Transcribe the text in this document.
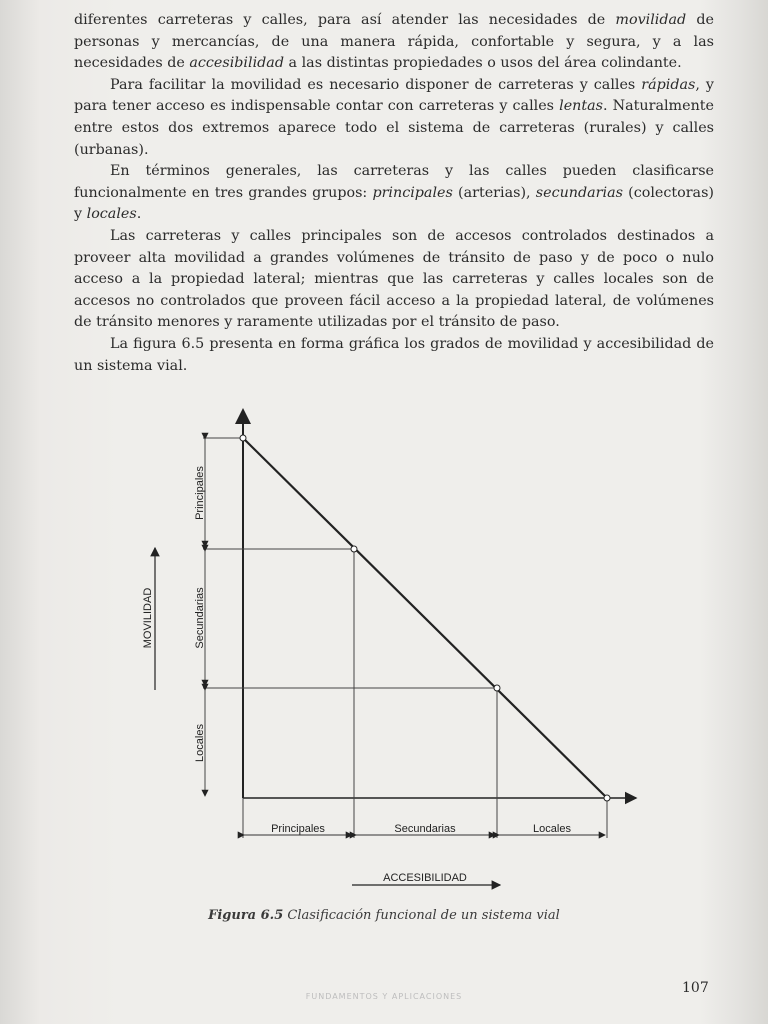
diferentes carreteras y calles, para así atender las necesidades de movilidad de personas y mercancías, de una manera rápida, confortable y segura, y a las necesidades de accesibilidad a las distintas propiedades o usos del área colindante.

Para facilitar la movilidad es necesario disponer de carreteras y calles rápidas, y para tener acceso es indispensable contar con carreteras y calles lentas. Naturalmente entre estos dos extremos aparece todo el sistema de carreteras (rurales) y calles (urbanas).

En términos generales, las carreteras y las calles pueden clasificarse funcionalmente en tres grandes grupos: principales (arterias), secundarias (colectoras) y locales.

Las carreteras y calles principales son de accesos controlados destinados a proveer alta movilidad a grandes volúmenes de tránsito de paso y de poco o nulo acceso a la propiedad lateral; mientras que las carreteras y calles locales son de accesos no controlados que proveen fácil acceso a la propiedad lateral, de volúmenes de tránsito menores y raramente utilizadas por el tránsito de paso.

La figura 6.5 presenta en forma gráfica los grados de movilidad y accesibilidad de un sistema vial.

Principales
Secundarias
Locales
Principales	Secundarias	Locales
MOVILIDAD
ACCESIBILIDAD
Figura 6.5 Clasificación funcional de un sistema vial
107
FUNDAMENTOS Y APLICACIONES
